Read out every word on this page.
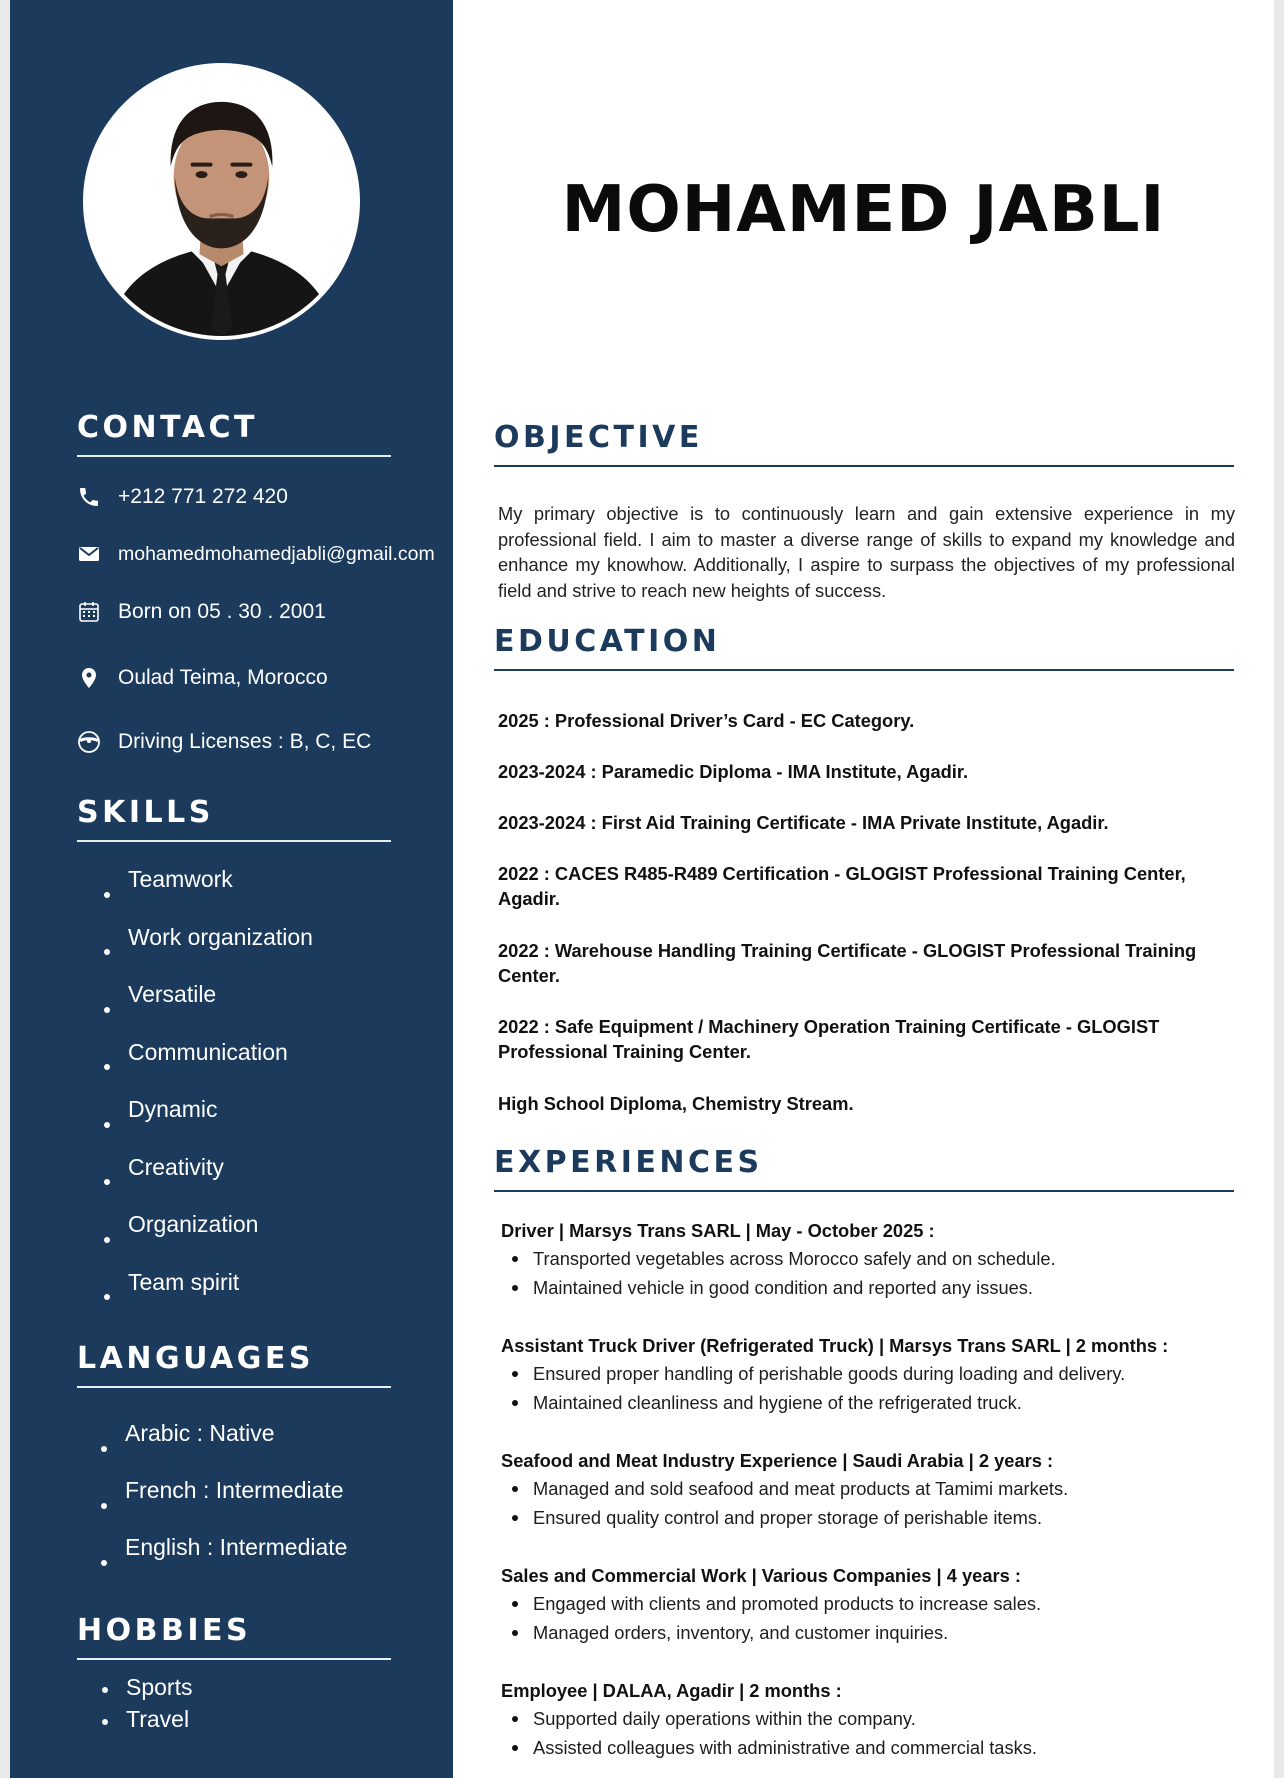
CONTACT
+212 771 272 420
mohamedmohamedjabli@gmail.com
Born on 05 . 30 . 2001
Oulad Teima, Morocco
Driving Licenses : B, C, EC
SKILLS
Teamwork
Work organization
Versatile
Communication
Dynamic
Creativity
Organization
Team spirit
LANGUAGES
Arabic : Native
French : Intermediate
English : Intermediate
HOBBIES
Sports
Travel
MOHAMED JABLI
OBJECTIVE

My primary objective is to continuously learn and gain extensive experience in my professional field. I aim to master a diverse range of skills to expand my knowledge and enhance my knowhow. Additionally, I aspire to surpass the objectives of my professional field and strive to reach new heights of success.

EDUCATION
2025 : Professional Driver’s Card - EC Category.
2023-2024 : Paramedic Diploma - IMA Institute, Agadir.
2023-2024 : First Aid Training Certificate - IMA Private Institute, Agadir.
2022 : CACES R485-R489 Certification - GLOGIST Professional Training Center, Agadir.
2022 : Warehouse Handling Training Certificate - GLOGIST Professional Training Center.
2022 : Safe Equipment / Machinery Operation Training Certificate - GLOGIST Professional Training Center.
High School Diploma, Chemistry Stream.
EXPERIENCES
Driver | Marsys Trans SARL | May - October 2025 :
Transported vegetables across Morocco safely and on schedule.
Maintained vehicle in good condition and reported any issues.
Assistant Truck Driver (Refrigerated Truck) | Marsys Trans SARL | 2 months :
Ensured proper handling of perishable goods during loading and delivery.
Maintained cleanliness and hygiene of the refrigerated truck.
Seafood and Meat Industry Experience | Saudi Arabia | 2 years :
Managed and sold seafood and meat products at Tamimi markets.
Ensured quality control and proper storage of perishable items.
Sales and Commercial Work | Various Companies | 4 years :
Engaged with clients and promoted products to increase sales.
Managed orders, inventory, and customer inquiries.
Employee | DALAA, Agadir | 2 months :
Supported daily operations within the company.
Assisted colleagues with administrative and commercial tasks.
